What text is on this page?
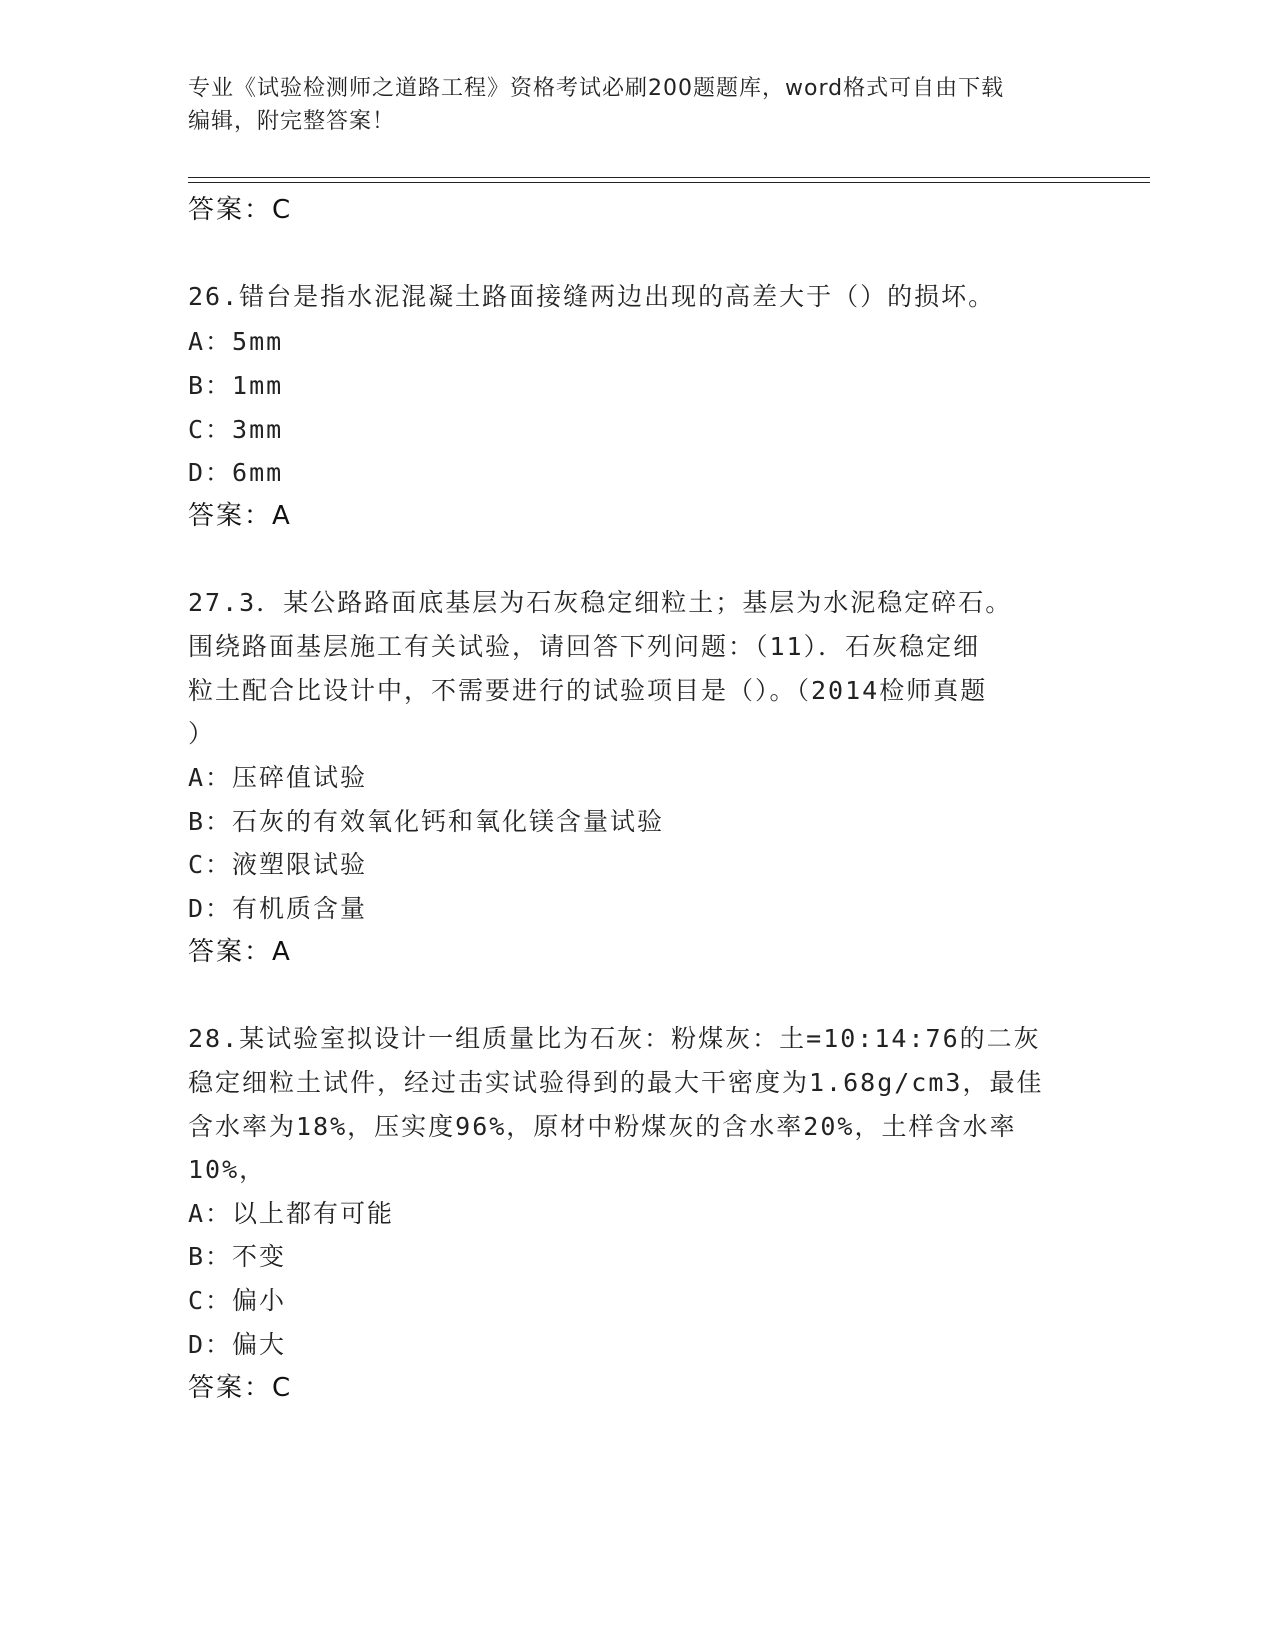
专业《试验检测师之道路工程》资格考试必刷200题题库，word格式可自由下载
编辑，附完整答案！
答案：C
26.错台是指水泥混凝土路面接缝两边出现的高差大于（）的损坏。
A：5mm
B：1mm
C：3mm
D：6mm
答案：A
27.3．某公路路面底基层为石灰稳定细粒土；基层为水泥稳定碎石。
围绕路面基层施工有关试验，请回答下列问题：（11）．石灰稳定细
粒土配合比设计中，不需要进行的试验项目是（）。（2014检师真题
）
A：压碎值试验
B：石灰的有效氧化钙和氧化镁含量试验
C：液塑限试验
D：有机质含量
答案：A
28.某试验室拟设计一组质量比为石灰：粉煤灰：土=10:14:76的二灰
稳定细粒土试件，经过击实试验得到的最大干密度为1.68g/cm3，最佳
含水率为18%，压实度96%，原材中粉煤灰的含水率20%，土样含水率
10%，
A：以上都有可能
B：不变
C：偏小
D：偏大
答案：C
